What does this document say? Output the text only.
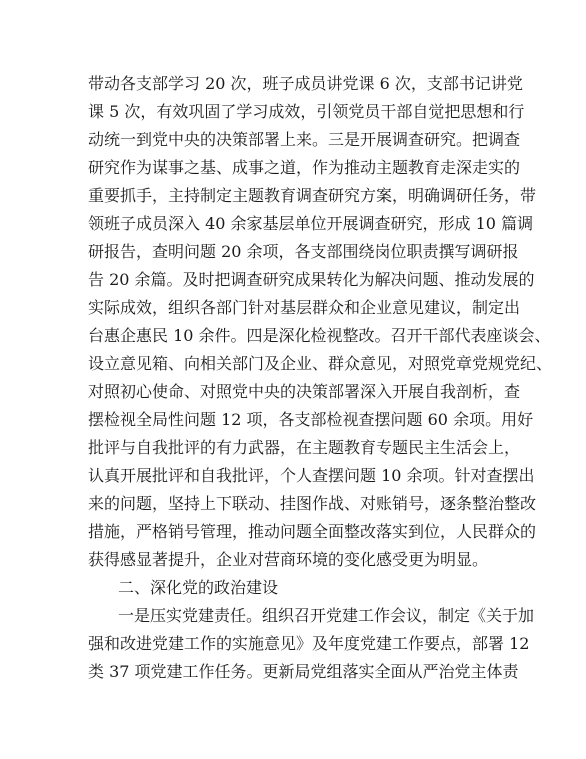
带动各支部学习 20 次，班子成员讲党课 6 次，支部书记讲党
课 5 次，有效巩固了学习成效，引领党员干部自觉把思想和行
动统一到党中央的决策部署上来。三是开展调查研究。把调查
研究作为谋事之基、成事之道，作为推动主题教育走深走实的
重要抓手，主持制定主题教育调查研究方案，明确调研任务，带
领班子成员深入 40 余家基层单位开展调查研究，形成 10 篇调
研报告，查明问题 20 余项，各支部围绕岗位职责撰写调研报
告 20 余篇。及时把调查研究成果转化为解决问题、推动发展的
实际成效，组织各部门针对基层群众和企业意见建议，制定出
台惠企惠民 10 余件。四是深化检视整改。召开干部代表座谈会、
设立意见箱、向相关部门及企业、群众意见，对照党章党规党纪、
对照初心使命、对照党中央的决策部署深入开展自我剖析，查
摆检视全局性问题 12 项，各支部检视查摆问题 60 余项。用好
批评与自我批评的有力武器，在主题教育专题民主生活会上，
认真开展批评和自我批评，个人查摆问题 10 余项。针对查摆出
来的问题，坚持上下联动、挂图作战、对账销号，逐条整治整改
措施，严格销号管理，推动问题全面整改落实到位，人民群众的
获得感显著提升，企业对营商环境的变化感受更为明显。
二、深化党的政治建设
一是压实党建责任。组织召开党建工作会议，制定《关于加
强和改进党建工作的实施意见》及年度党建工作要点，部署 12
类 37 项党建工作任务。更新局党组落实全面从严治党主体责
